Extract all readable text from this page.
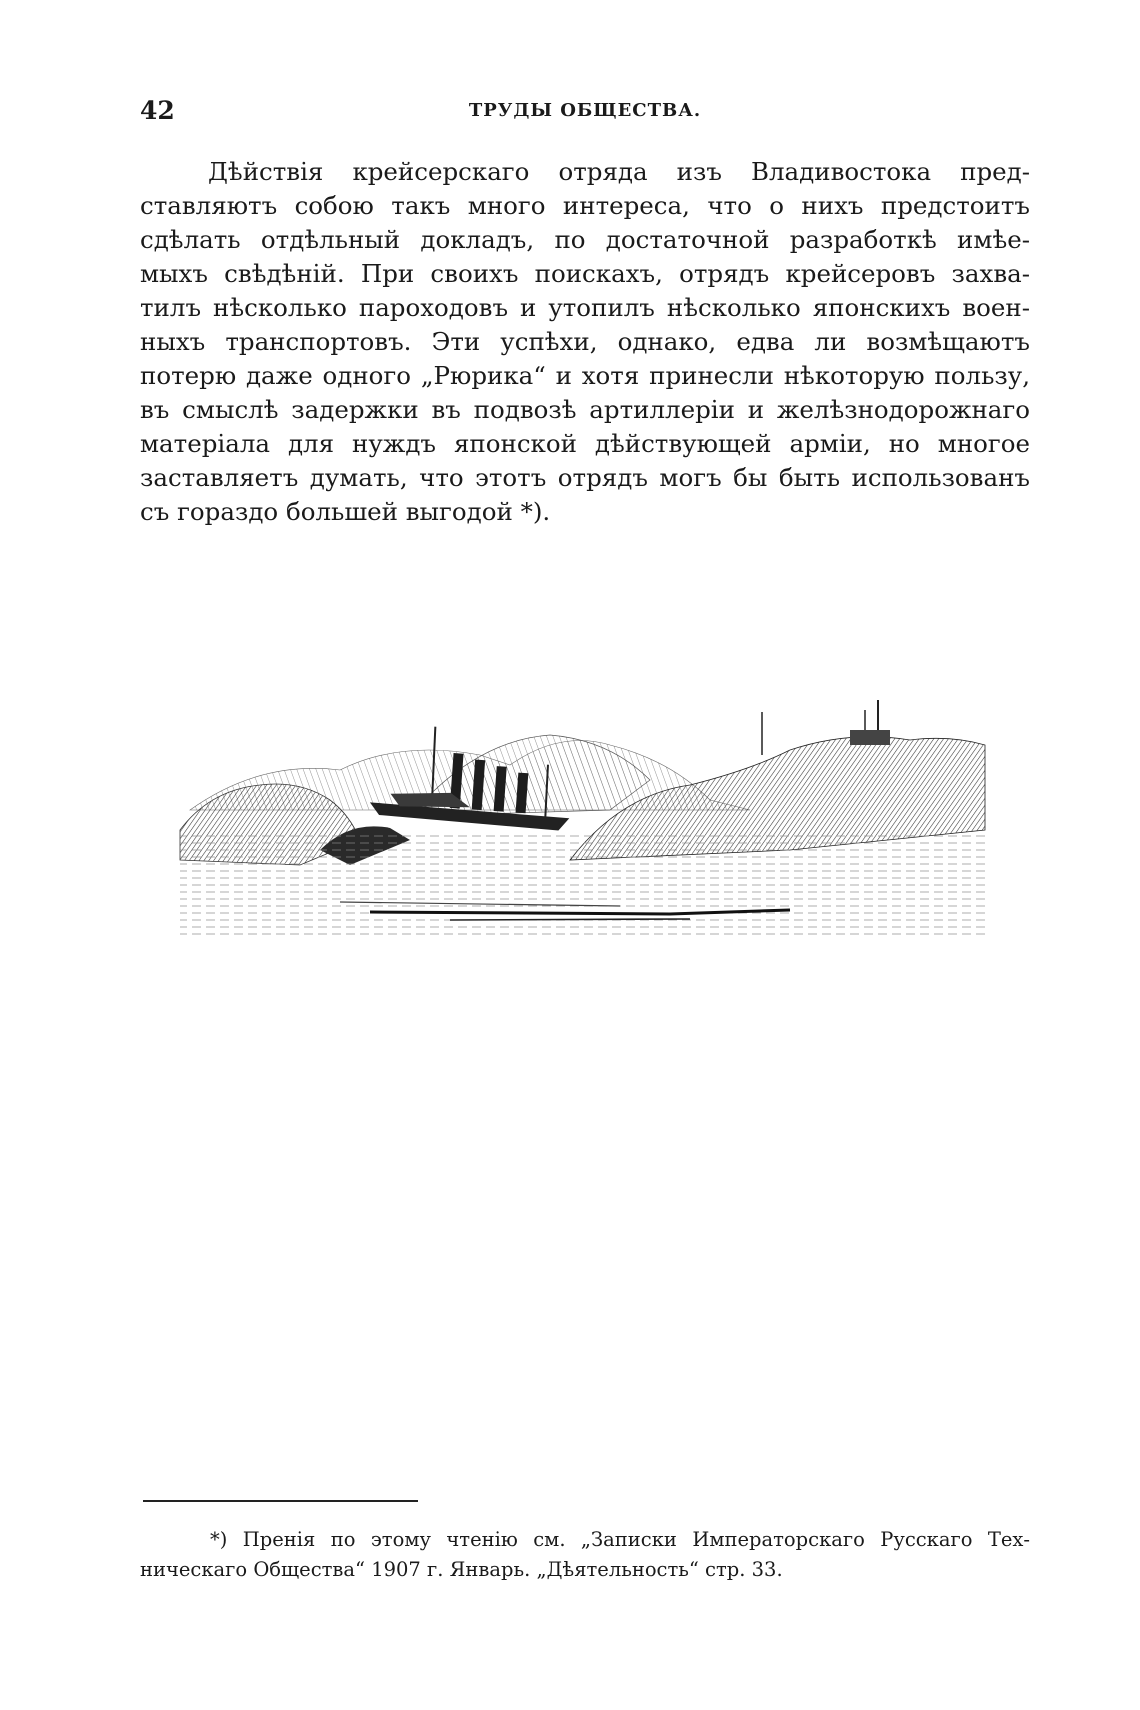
42	ТРУДЫ ОБЩЕСТВА.
Дѣйствія крейсерскаго отряда изъ Владивостока пред-
ставляютъ собою такъ много интереса, что о нихъ предстоитъ
сдѣлать отдѣльный докладъ, по достаточной разработкѣ имѣе-
мыхъ свѣдѣній. При своихъ поискахъ, отрядъ крейсеровъ захва-
тилъ нѣсколько пароходовъ и утопилъ нѣсколько японскихъ воен-
ныхъ транспортовъ. Эти успѣхи, однако, едва ли возмѣщаютъ
потерю даже одного „Рюрика“ и хотя принесли нѣкоторую пользу,
въ смыслѣ задержки въ подвозѣ артиллеріи и желѣзнодорожнаго
матеріала для нуждъ японской дѣйствующей арміи, но многое
заставляетъ думать, что этотъ отрядъ могъ бы быть использованъ
съ гораздо большей выгодой *).
*) Пренія по этому чтенію см. „Записки Императорскаго Русскаго Тех-
ническаго Общества“ 1907 г. Январь. „Дѣятельность“ стр. 33.
